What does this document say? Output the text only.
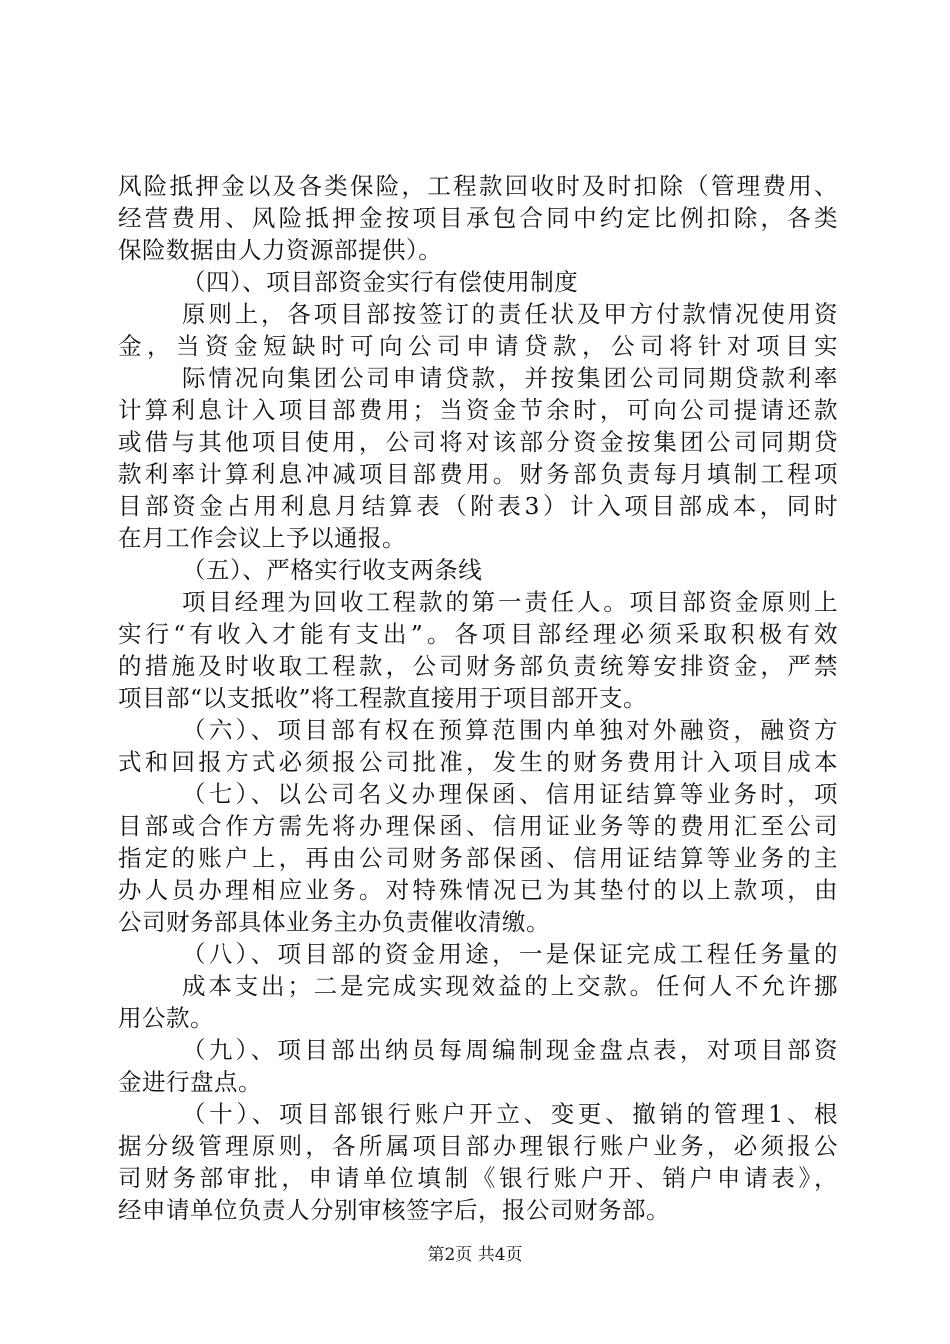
风险抵押金以及各类保险，工程款回收时及时扣除（管理费用、
经营费用、风险抵押金按项目承包合同中约定比例扣除，各类
保险数据由人力资源部提供）。
（四）、项目部资金实行有偿使用制度
原则上，各项目部按签订的责任状及甲方付款情况使用资
金，当资金短缺时可向公司申请贷款，公司将针对项目实
际情况向集团公司申请贷款，并按集团公司同期贷款利率
计算利息计入项目部费用；当资金节余时，可向公司提请还款
或借与其他项目使用，公司将对该部分资金按集团公司同期贷
款利率计算利息冲减项目部费用。财务部负责每月填制工程项
目部资金占用利息月结算表（附表3）计入项目部成本，同时
在月工作会议上予以通报。
（五）、严格实行收支两条线
项目经理为回收工程款的第一责任人。项目部资金原则上
实行“有收入才能有支出”。各项目部经理必须采取积极有效
的措施及时收取工程款，公司财务部负责统筹安排资金，严禁
项目部“以支抵收”将工程款直接用于项目部开支。
（六）、项目部有权在预算范围内单独对外融资，融资方
式和回报方式必须报公司批准，发生的财务费用计入项目成本
（七）、以公司名义办理保函、信用证结算等业务时，项
目部或合作方需先将办理保函、信用证业务等的费用汇至公司
指定的账户上，再由公司财务部保函、信用证结算等业务的主
办人员办理相应业务。对特殊情况已为其垫付的以上款项，由
公司财务部具体业务主办负责催收清缴。
（八）、项目部的资金用途，一是保证完成工程任务量的
成本支出；二是完成实现效益的上交款。任何人不允许挪
用公款。
（九）、项目部出纳员每周编制现金盘点表，对项目部资
金进行盘点。
（十）、项目部银行账户开立、变更、撤销的管理1、根
据分级管理原则，各所属项目部办理银行账户业务，必须报公
司财务部审批，申请单位填制《银行账户开、销户申请表》，
经申请单位负责人分别审核签字后，报公司财务部。
第2页 共4页
